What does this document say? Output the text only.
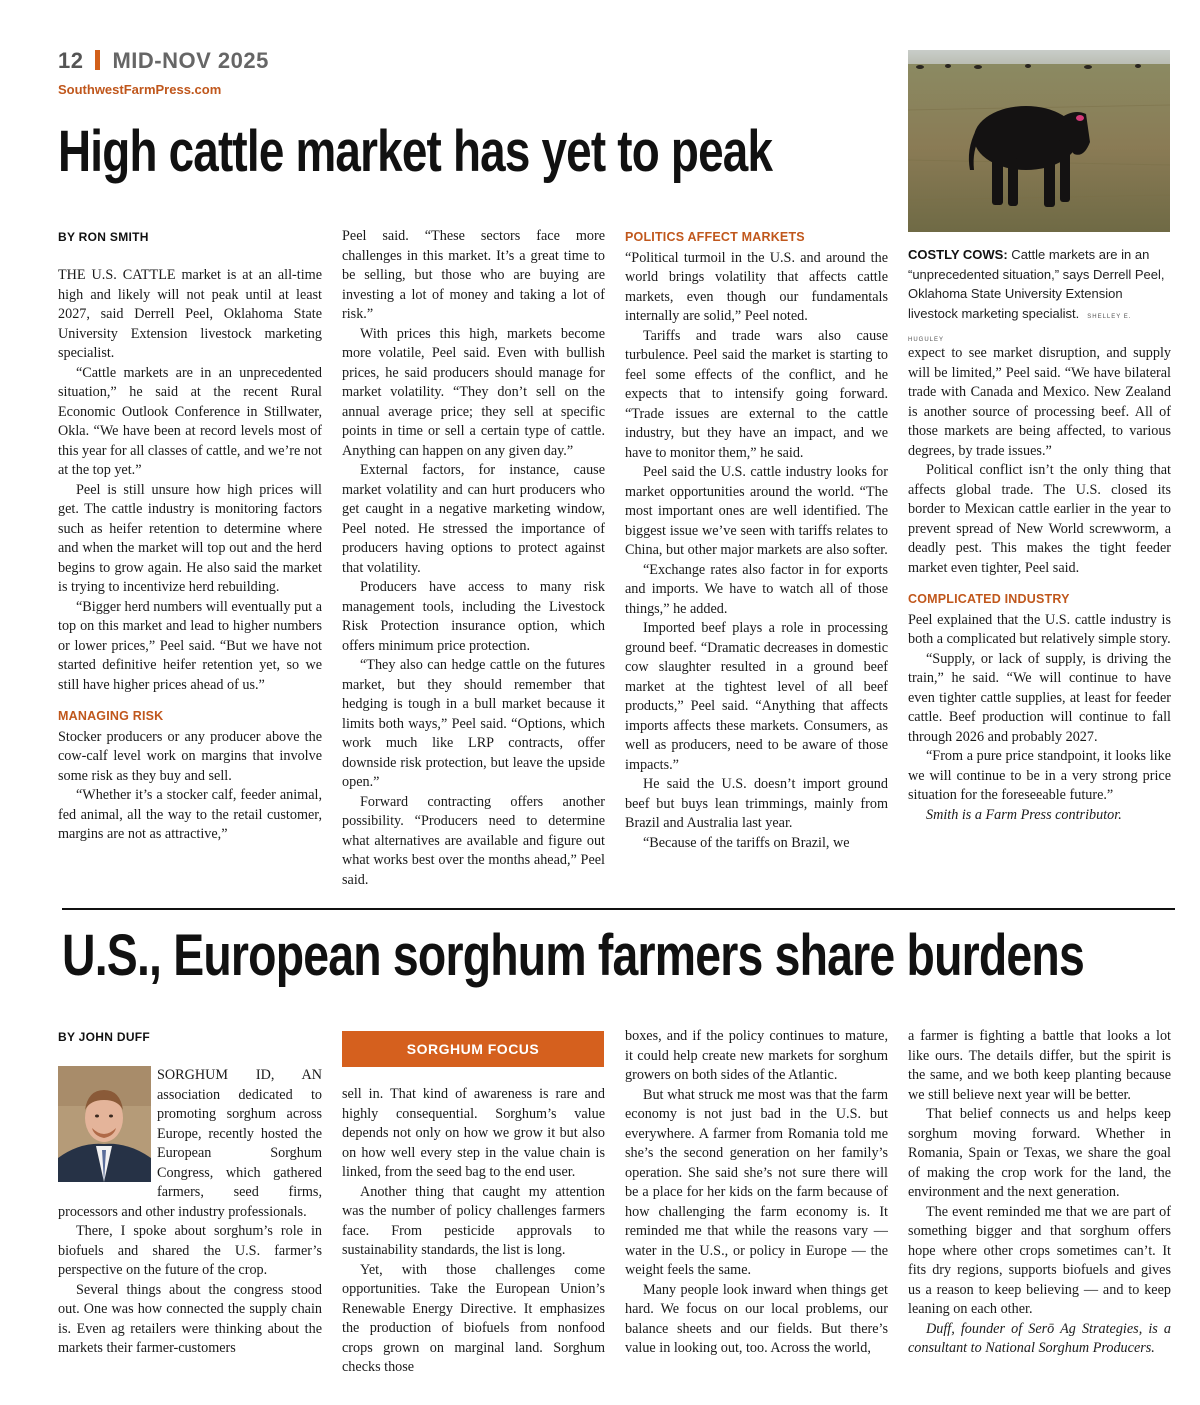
12 MID-NOV 2025
SouthwestFarmPress.com
High cattle market has yet to peak
COSTLY COWS: Cattle markets are in an “unprecedented situation,” says Derrell Peel, Oklahoma State University Extension livestock marketing specialist. SHELLEY E. HUGULEY
BY RON SMITH

THE U.S. CATTLE market is at an all-time high and likely will not peak until at least 2027, said Derrell Peel, Oklahoma State University Extension livestock marketing specialist.

“Cattle markets are in an unprecedented situation,” he said at the recent Rural Economic Outlook Conference in Stillwater, Okla. “We have been at record levels most of this year for all classes of cattle, and we’re not at the top yet.”

Peel is still unsure how high prices will get. The cattle industry is monitoring factors such as heifer retention to determine where and when the market will top out and the herd begins to grow again. He also said the market is trying to incentivize herd rebuilding.

“Bigger herd numbers will eventually put a top on this market and lead to higher numbers or lower prices,” Peel said. “But we have not started definitive heifer retention yet, so we still have higher prices ahead of us.”

MANAGING RISK

Stocker producers or any producer above the cow-calf level work on margins that involve some risk as they buy and sell.

“Whether it’s a stocker calf, feeder animal, fed animal, all the way to the retail customer, margins are not as attractive,”

Peel said. “These sectors face more challenges in this market. It’s a great time to be selling, but those who are buying are investing a lot of money and taking a lot of risk.”

With prices this high, markets become more volatile, Peel said. Even with bullish prices, he said producers should manage for market volatility. “They don’t sell on the annual average price; they sell at specific points in time or sell a certain type of cattle. Anything can happen on any given day.”

External factors, for instance, cause market volatility and can hurt producers who get caught in a negative marketing window, Peel noted. He stressed the importance of producers having options to protect against that volatility.

Producers have access to many risk management tools, including the Livestock Risk Protection insurance option, which offers minimum price protection.

“They also can hedge cattle on the futures market, but they should remember that hedging is tough in a bull market because it limits both ways,” Peel said. “Options, which work much like LRP contracts, offer downside risk protection, but leave the upside open.”

Forward contracting offers another possibility. “Producers need to determine what alternatives are available and figure out what works best over the months ahead,” Peel said.

POLITICS AFFECT MARKETS

“Political turmoil in the U.S. and around the world brings volatility that affects cattle markets, even though our fundamentals internally are solid,” Peel noted.

Tariffs and trade wars also cause turbulence. Peel said the market is starting to feel some effects of the conflict, and he expects that to intensify going forward. “Trade issues are external to the cattle industry, but they have an impact, and we have to monitor them,” he said.

Peel said the U.S. cattle industry looks for market opportunities around the world. “The most important ones are well identified. The biggest issue we’ve seen with tariffs relates to China, but other major markets are also softer.

“Exchange rates also factor in for exports and imports. We have to watch all of those things,” he added.

Imported beef plays a role in processing ground beef. “Dramatic decreases in domestic cow slaughter resulted in a ground beef market at the tightest level of all beef products,” Peel said. “Anything that affects imports affects these markets. Consumers, as well as producers, need to be aware of those impacts.”

He said the U.S. doesn’t import ground beef but buys lean trimmings, mainly from Brazil and Australia last year.

“Because of the tariffs on Brazil, we

expect to see market disruption, and supply will be limited,” Peel said. “We have bilateral trade with Canada and Mexico. New Zealand is another source of processing beef. All of those markets are being affected, to various degrees, by trade issues.”

Political conflict isn’t the only thing that affects global trade. The U.S. closed its border to Mexican cattle earlier in the year to prevent spread of New World screwworm, a deadly pest. This makes the tight feeder market even tighter, Peel said.

COMPLICATED INDUSTRY

Peel explained that the U.S. cattle industry is both a complicated but relatively simple story.

“Supply, or lack of supply, is driving the train,” he said. “We will continue to have even tighter cattle supplies, at least for feeder cattle. Beef production will continue to fall through 2026 and probably 2027.

“From a pure price standpoint, it looks like we will continue to be in a very strong price situation for the foreseeable future.”

Smith is a Farm Press contributor.

U.S., European sorghum farmers share burdens
BY JOHN DUFF
SORGHUM FOCUS

SORGHUM ID, AN association dedicated to promoting sorghum across Europe, recently hosted the European Sorghum Congress, which gathered farmers, seed firms, processors and other industry professionals.

There, I spoke about sorghum’s role in biofuels and shared the U.S. farmer’s perspective on the future of the crop.

Several things about the congress stood out. One was how connected the supply chain is. Even ag retailers were thinking about the markets their farmer-customers

sell in. That kind of awareness is rare and highly consequential. Sorghum’s value depends not only on how we grow it but also on how well every step in the value chain is linked, from the seed bag to the end user.

Another thing that caught my attention was the number of policy challenges farmers face. From pesticide approvals to sustainability standards, the list is long.

Yet, with those challenges come opportunities. Take the European Union’s Renewable Energy Directive. It emphasizes the production of biofuels from nonfood crops grown on marginal land. Sorghum checks those

boxes, and if the policy continues to mature, it could help create new markets for sorghum growers on both sides of the Atlantic.

But what struck me most was that the farm economy is not just bad in the U.S. but everywhere. A farmer from Romania told me she’s the second generation on her family’s operation. She said she’s not sure there will be a place for her kids on the farm because of how challenging the farm economy is. It reminded me that while the reasons vary — water in the U.S., or policy in Europe — the weight feels the same.

Many people look inward when things get hard. We focus on our local problems, our balance sheets and our fields. But there’s value in looking out, too. Across the world,

a farmer is fighting a battle that looks a lot like ours. The details differ, but the spirit is the same, and we both keep planting because we still believe next year will be better.

That belief connects us and helps keep sorghum moving forward. Whether in Romania, Spain or Texas, we share the goal of making the crop work for the land, the environment and the next generation.

The event reminded me that we are part of something bigger and that sorghum offers hope where other crops sometimes can’t. It fits dry regions, supports biofuels and gives us a reason to keep believing — and to keep leaning on each other.

Duff, founder of Serō Ag Strategies, is a consultant to National Sorghum Producers.
